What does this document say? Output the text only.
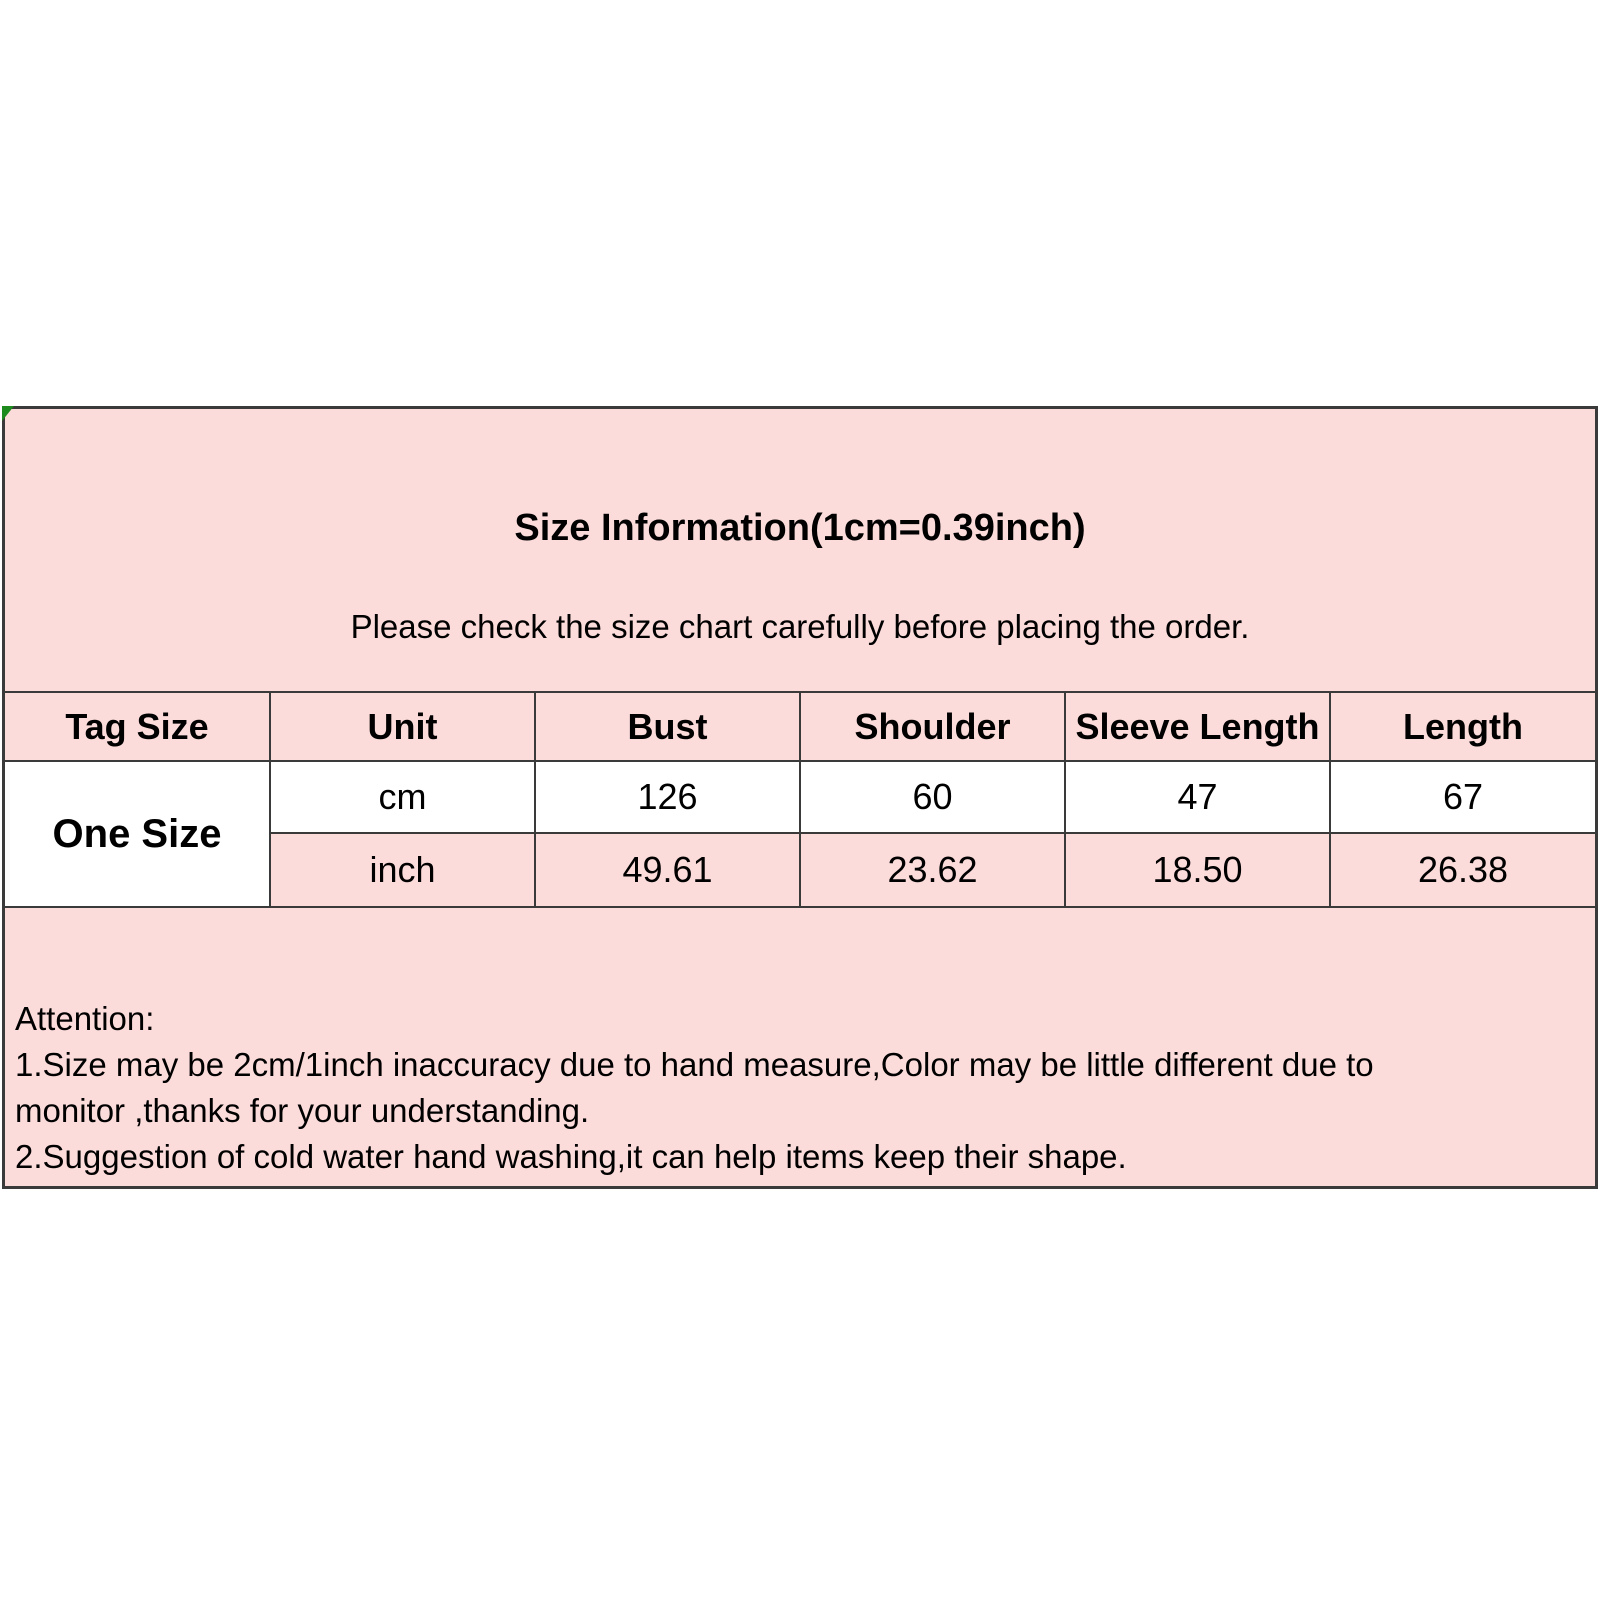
Size Information(1cm=0.39inch)
Please check the size chart carefully before placing the order.
Tag Size	Unit	Bust	Shoulder	Sleeve Length	Length
One Size	cm	126	60	47	67
	inch	49.61	23.62	18.50	26.38
Attention:
1.Size may be 2cm/1inch inaccuracy due to hand measure,Color may be little different due to
monitor ,thanks for your understanding.
2.Suggestion of cold water hand washing,it can help items keep their shape.
